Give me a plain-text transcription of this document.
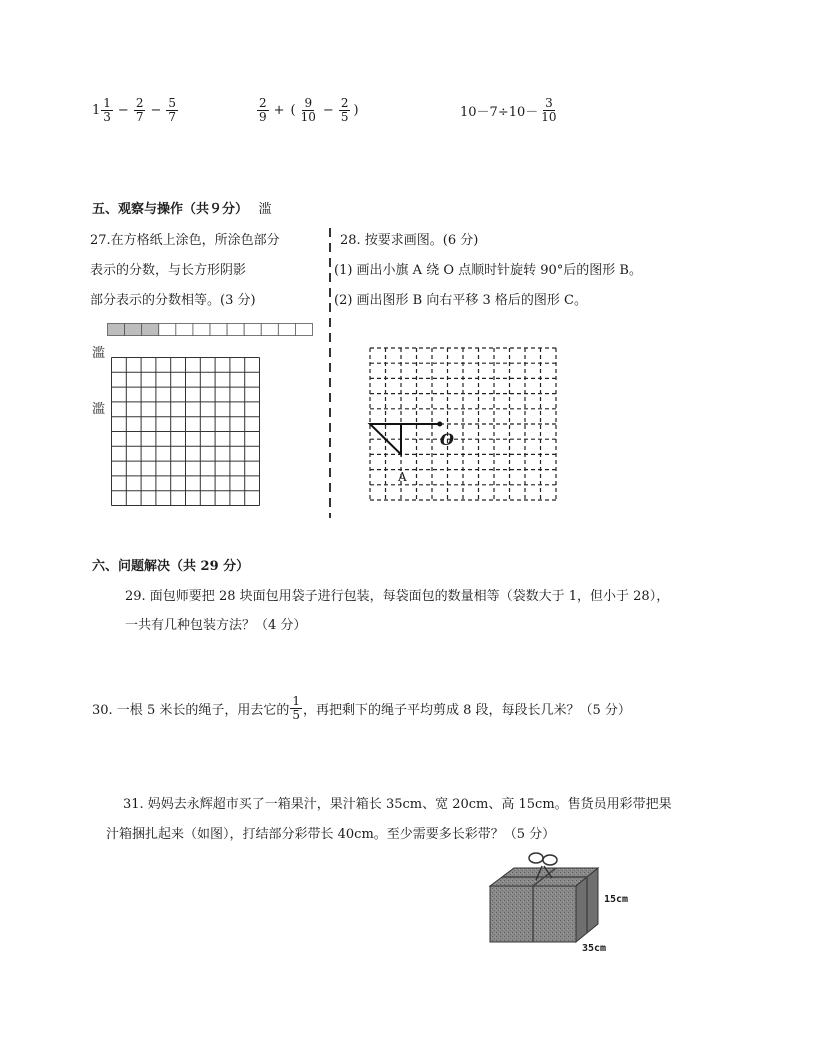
$1 \frac{1}{3} - \frac{2}{7} - \frac{5}{7}$	$\frac{2}{9}$ + ( $\frac{9}{10} - \frac{2}{5}$ )	$10-7\div 10- \frac{3}{10}$
五、观察与操作（共９分） 滥
27.在方格纸上涂色，所涂色部分
表示的分数，与长方形阴影
部分表示的分数相等。(3 分)
28. 按要求画图。(6 分)
(1) 画出小旗 A 绕 O 点顺时针旋转 90°后的图形 B。
(2) 画出图形 B 向右平移 3 格后的图形 C。
滥
滥
O
A
六、问题解决（共 29 分）
29. 面包师要把 28 块面包用袋子进行包装，每袋面包的数量相等（袋数大于 1，但小于 28），
一共有几种包装方法？（4 分）
30. 一根 5 米长的绳子，用去它的 $\frac{1}{5}$ ，再把剩下的绳子平均剪成 8 段，每段长几米？（5 分）
31. 妈妈去永辉超市买了一箱果汁，果汁箱长 35cm、宽 20cm、高 15cm。售货员用彩带把果
汁箱捆扎起来（如图），打结部分彩带长 40cm。至少需要多长彩带？（5 分）
15cm
35cm
